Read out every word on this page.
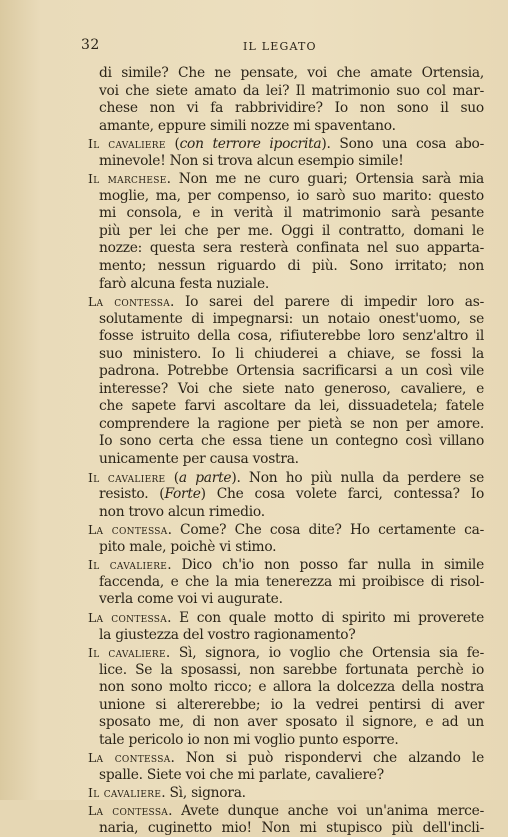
32	IL LEGATO
di simile? Che ne pensate, voi che amate Ortensia,
voi che siete amato da lei? Il matrimonio suo col mar-
chese non vi fa rabbrividire? Io non sono il suo
amante, eppure simili nozze mi spaventano.
Il cavaliere (con terrore ipocrita). Sono una cosa abo-
minevole! Non si trova alcun esempio simile!
Il marchese. Non me ne curo guari; Ortensia sarà mia
moglie, ma, per compenso, io sarò suo marito: questo
mi consola, e in verità il matrimonio sarà pesante
più per lei che per me. Oggi il contratto, domani le
nozze: questa sera resterà confinata nel suo apparta-
mento; nessun riguardo di più. Sono irritato; non
farò alcuna festa nuziale.
La contessa. Io sarei del parere di impedir loro as-
solutamente di impegnarsi: un notaio onest'uomo, se
fosse istruito della cosa, rifiuterebbe loro senz'altro il
suo ministero. Io li chiuderei a chiave, se fossi la
padrona. Potrebbe Ortensia sacrificarsi a un così vile
interesse? Voi che siete nato generoso, cavaliere, e
che sapete farvi ascoltare da lei, dissuadetela; fatele
comprendere la ragione per pietà se non per amore.
Io sono certa che essa tiene un contegno così villano
unicamente per causa vostra.
Il cavaliere (a parte). Non ho più nulla da perdere se
resisto. (Forte) Che cosa volete farci, contessa? Io
non trovo alcun rimedio.
La contessa. Come? Che cosa dite? Ho certamente ca-
pito male, poichè vi stimo.
Il cavaliere. Dico ch'io non posso far nulla in simile
faccenda, e che la mia tenerezza mi proibisce di risol-
verla come voi vi augurate.
La contessa. E con quale motto di spirito mi proverete
la giustezza del vostro ragionamento?
Il cavaliere. Sì, signora, io voglio che Ortensia sia fe-
lice. Se la sposassi, non sarebbe fortunata perchè io
non sono molto ricco; e allora la dolcezza della nostra
unione si altererebbe; io la vedrei pentirsi di aver
sposato me, di non aver sposato il signore, e ad un
tale pericolo io non mi voglio punto esporre.
La contessa. Non si può rispondervi che alzando le
spalle. Siete voi che mi parlate, cavaliere?
Il cavaliere. Sì, signora.
La contessa. Avete dunque anche voi un'anima merce-
naria, cuginetto mio! Non mi stupisco più dell'incli-
